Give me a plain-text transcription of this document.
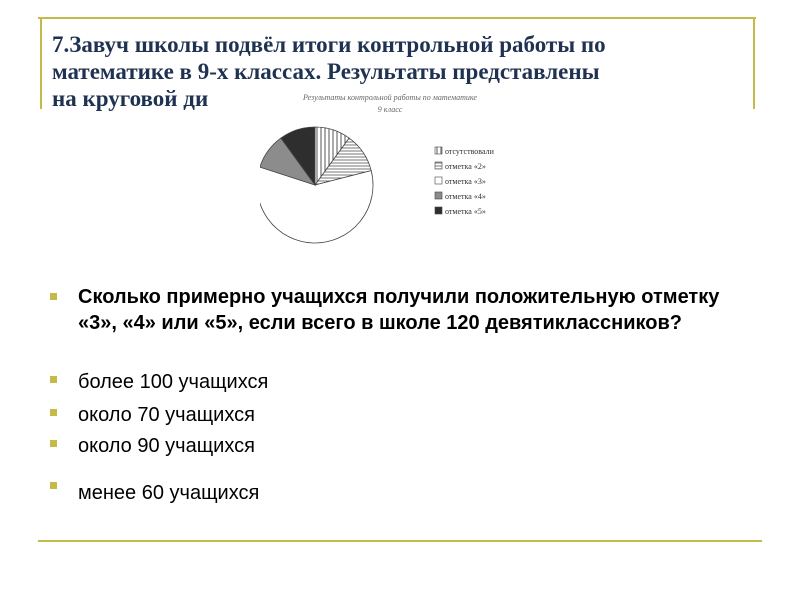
7.Завуч школы подвёл итоги контрольной работы по
математике в 9-х классах. Результаты представлены
на круговой ди	Результаты контрольной работы по математике
9 класс
отсутствовали
отметка «2»
отметка «3»
отметка «4»
отметка «5»
Сколько примерно учащихся получили положительную отметку «3», «4» или «5», если всего в школе 120 девятиклассников?
более 100 учащихся
около 70 учащихся
около 90 учащихся
менее 60 учащихся
